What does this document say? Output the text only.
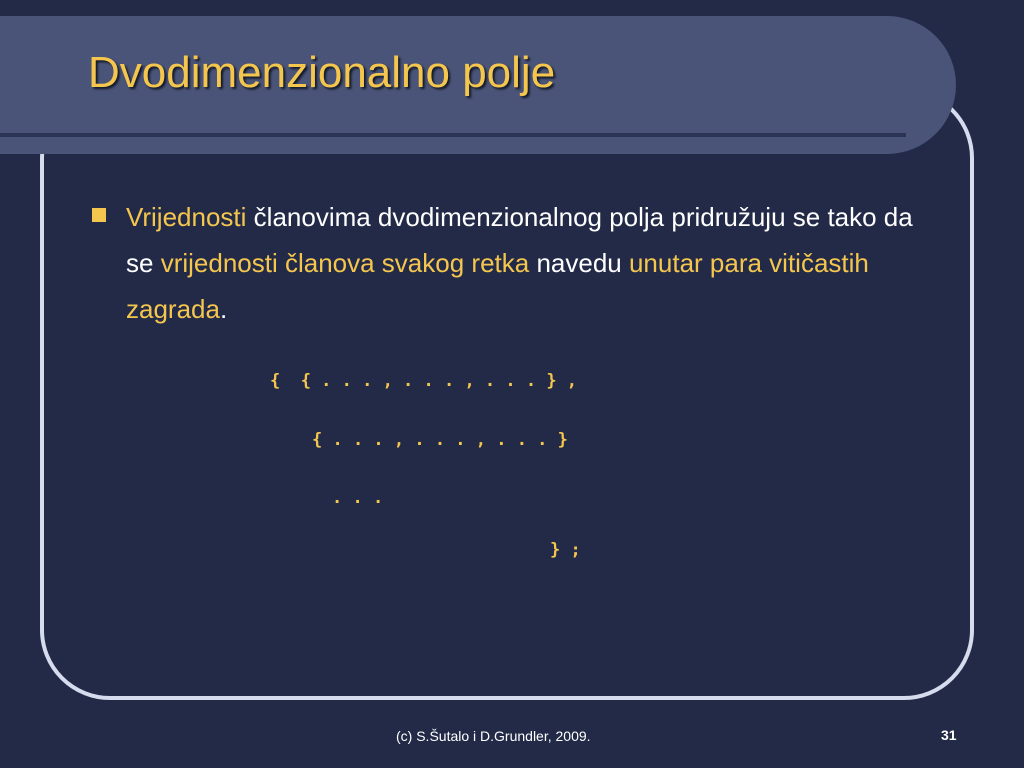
Dvodimenzionalno polje

Vrijednosti članovima dvodimenzionalnog polja pridružuju se tako da se vrijednosti članova svakog retka navedu unutar para vitičastih zagrada.

{  { . . . , . . . , . . . } ,
{ . . . , . . . , . . . }
. . .
} ;
(c) S.Šutalo i D.Grundler, 2009.	31
